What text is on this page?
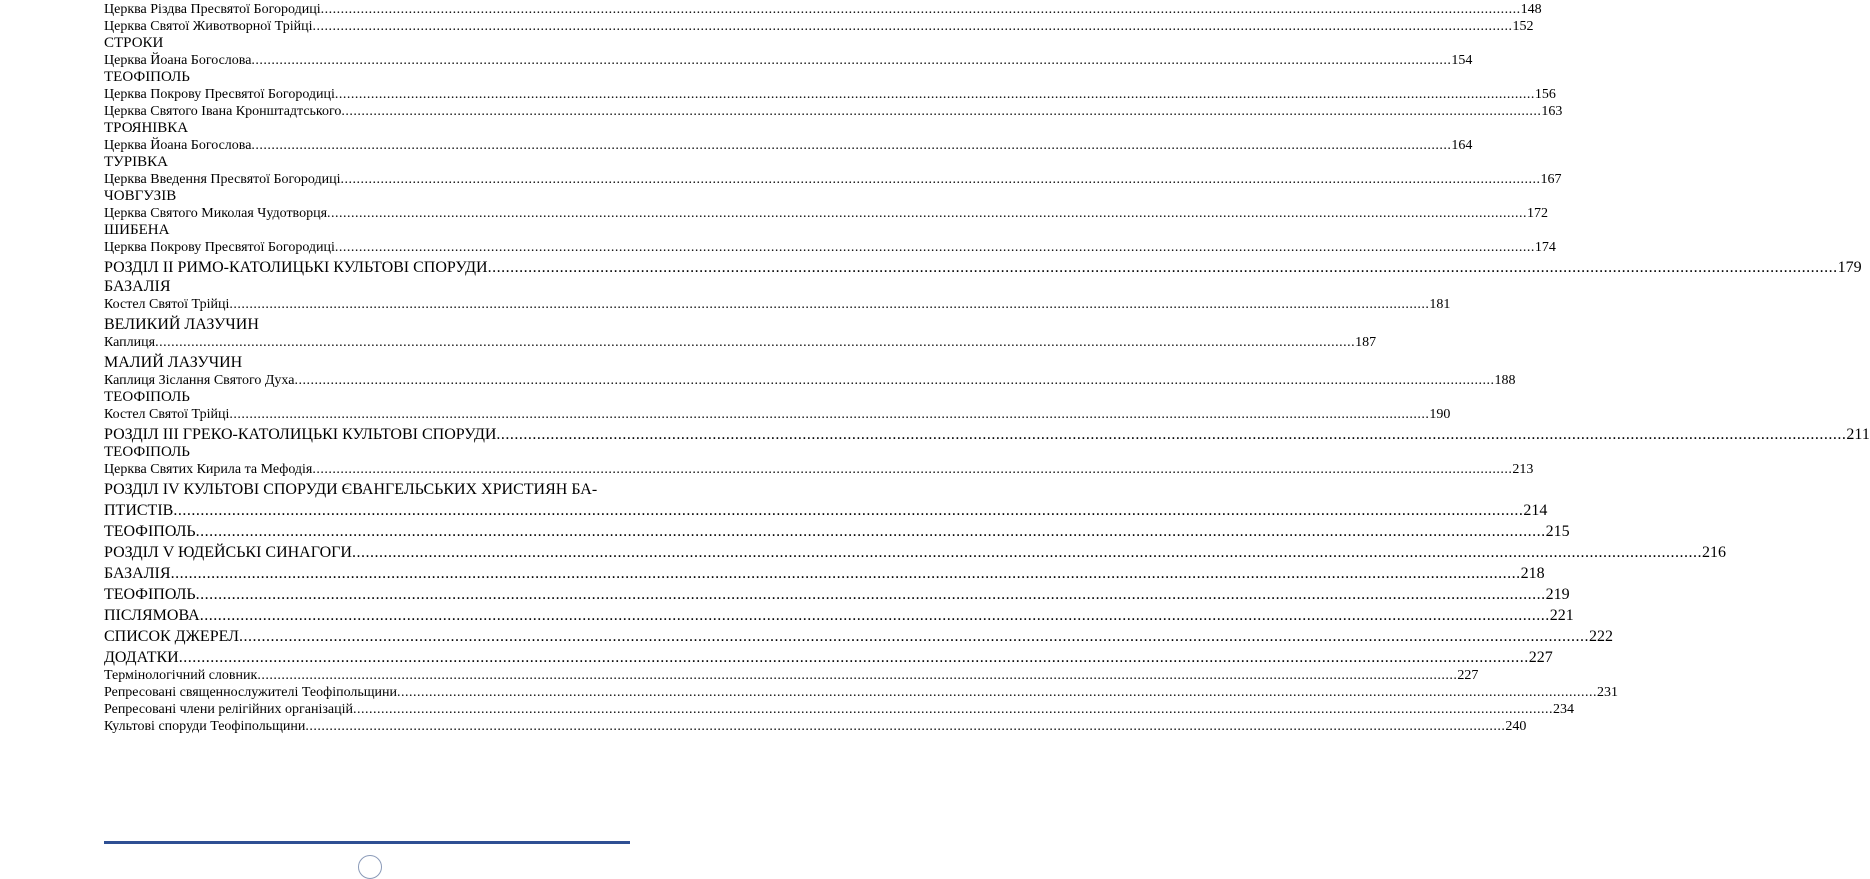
Церква Різдва Пресвятої Богородиці ............................................................................................................................................................................................................................................................................................................ 148
Церква Святої Животворної Трійці ............................................................................................................................................................................................................................................................................................................ 152
СТРОКИ
Церква Йоана Богослова ............................................................................................................................................................................................................................................................................................................ 154
ТЕОФІПОЛЬ
Церква Покрову Пресвятої Богородиці ............................................................................................................................................................................................................................................................................................................ 156
Церква Святого Івана Кронштадтського ............................................................................................................................................................................................................................................................................................................ 163
ТРОЯНІВКА
Церква Йоана Богослова ............................................................................................................................................................................................................................................................................................................ 164
ТУРІВКА
Церква Введення Пресвятої Богородиці ............................................................................................................................................................................................................................................................................................................ 167
ЧОВГУЗІВ
Церква Святого Миколая Чудотворця ............................................................................................................................................................................................................................................................................................................ 172
ШИБЕНА
Церква Покрову Пресвятої Богородиці ............................................................................................................................................................................................................................................................................................................ 174
РОЗДІЛ ІІ РИМО-КАТОЛИЦЬКІ КУЛЬТОВІ СПОРУДИ ............................................................................................................................................................................................................................................................................................................ 179
БАЗАЛІЯ
Костел Святої Трійці ............................................................................................................................................................................................................................................................................................................ 181
ВЕЛИКИЙ ЛАЗУЧИН
Каплиця ............................................................................................................................................................................................................................................................................................................ 187
МАЛИЙ ЛАЗУЧИН
Каплиця Зіслання Святого Духа ............................................................................................................................................................................................................................................................................................................ 188
ТЕОФІПОЛЬ
Костел Святої Трійці ............................................................................................................................................................................................................................................................................................................ 190
РОЗДІЛ ІІІ ГРЕКО-КАТОЛИЦЬКІ КУЛЬТОВІ СПОРУДИ ............................................................................................................................................................................................................................................................................................................ 211
ТЕОФІПОЛЬ
Церква Святих Кирила та Мефодія ............................................................................................................................................................................................................................................................................................................ 213
РОЗДІЛ IV КУЛЬТОВІ СПОРУДИ ЄВАНГЕЛЬСЬКИХ ХРИСТИЯН БА-
ПТИСТІВ ............................................................................................................................................................................................................................................................................................................ 214
ТЕОФІПОЛЬ ............................................................................................................................................................................................................................................................................................................ 215
РОЗДІЛ V ЮДЕЙСЬКІ СИНАГОГИ ............................................................................................................................................................................................................................................................................................................ 216
БАЗАЛІЯ ............................................................................................................................................................................................................................................................................................................ 218
ТЕОФІПОЛЬ ............................................................................................................................................................................................................................................................................................................ 219
ПІСЛЯМОВА ............................................................................................................................................................................................................................................................................................................ 221
СПИСОК ДЖЕРЕЛ ............................................................................................................................................................................................................................................................................................................ 222
ДОДАТКИ ............................................................................................................................................................................................................................................................................................................ 227
Термінологічний словник ............................................................................................................................................................................................................................................................................................................ 227
Репресовані священнослужителі Теофіпольщини ............................................................................................................................................................................................................................................................................................................ 231
Репресовані члени релігійних організацій ............................................................................................................................................................................................................................................................................................................ 234
Культові споруди Теофіпольщини ............................................................................................................................................................................................................................................................................................................ 240
